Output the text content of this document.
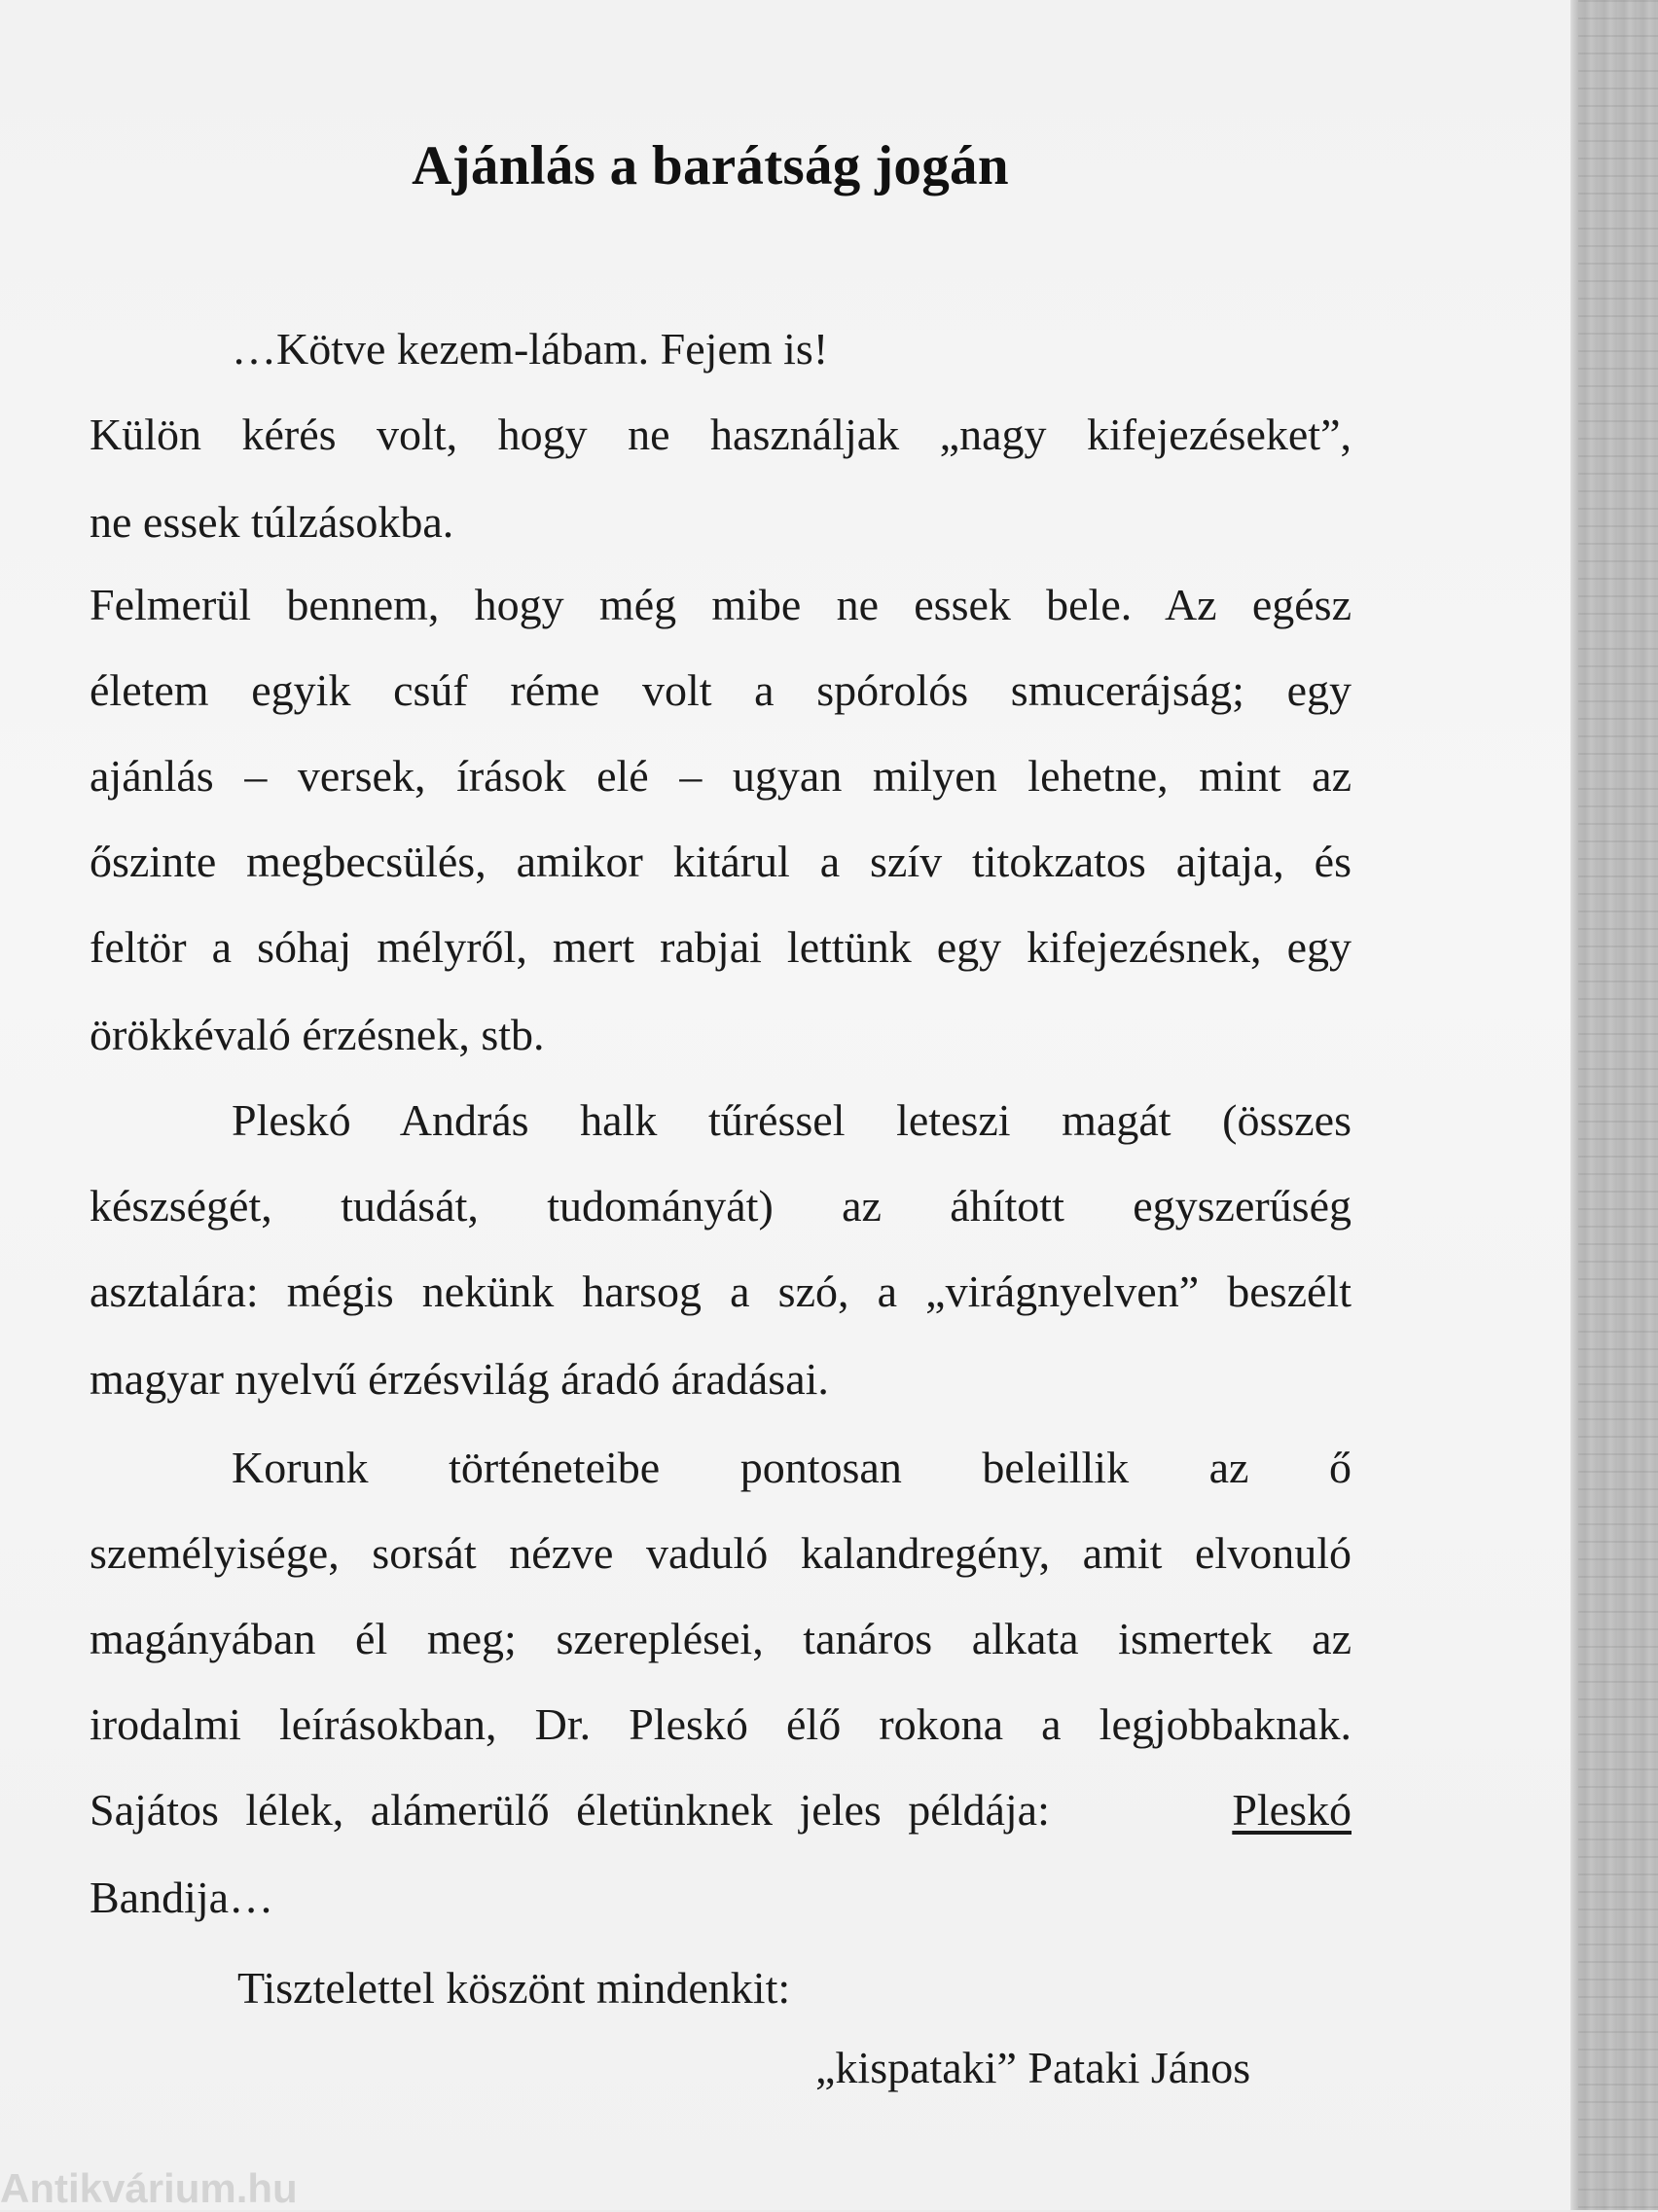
Ajánlás a barátság jogán
…Kötve kezem-lábam. Fejem is!
Külön kérés volt, hogy ne használjak „nagy kifejezéseket”,
ne essek túlzásokba.
Felmerül bennem, hogy még mibe ne essek bele. Az egész
életem egyik csúf réme volt a spórolós smucerájság; egy
ajánlás – versek, írások elé – ugyan milyen lehetne, mint az
őszinte megbecsülés, amikor kitárul a szív titokzatos ajtaja, és
feltör a sóhaj mélyről, mert rabjai lettünk egy kifejezésnek, egy
örökkévaló érzésnek, stb.
Pleskó András halk tűréssel leteszi magát (összes
készségét, tudását, tudományát) az áhított egyszerűség
asztalára: mégis nekünk harsog a szó, a „virágnyelven” beszélt
magyar nyelvű érzésvilág áradó áradásai.
Korunk történeteibe pontosan beleillik az ő
személyisége, sorsát nézve vaduló kalandregény, amit elvonuló
magányában él meg; szereplései, tanáros alkata ismertek az
irodalmi leírásokban, Dr. Pleskó élő rokona a legjobbaknak.
Sajátos lélek, alámerülő életünknek jeles példája:	Pleskó
Bandija…
Tisztelettel köszönt mindenkit:
„kispataki” Pataki János
Antikvárium.hu
